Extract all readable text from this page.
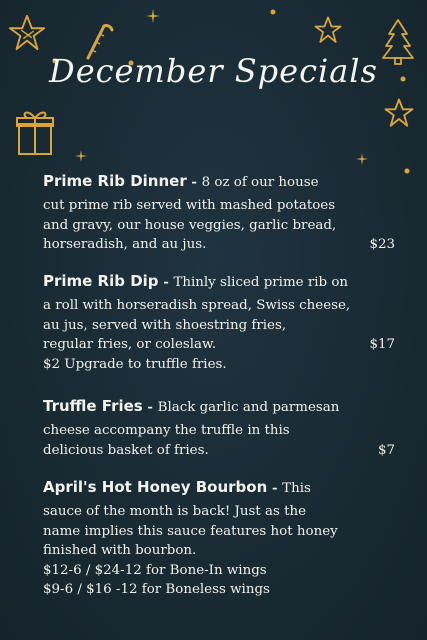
December Specials
Prime Rib Dinner - 8 oz of our house
cut prime rib served with mashed potatoes
and gravy, our house veggies, garlic bread,
horseradish, and au jus.	$23
Prime Rib Dip - Thinly sliced prime rib on
a roll with horseradish spread, Swiss cheese,
au jus, served with shoestring fries,
regular fries, or coleslaw.	$17
$2 Upgrade to truffle fries.
Truffle Fries - Black garlic and parmesan
cheese accompany the truffle in this
delicious basket of fries.	$7
April's Hot Honey Bourbon - This
sauce of the month is back! Just as the
name implies this sauce features hot honey
finished with bourbon.
$12-6 / $24-12 for Bone-In wings
$9-6 / $16 -12 for Boneless wings
